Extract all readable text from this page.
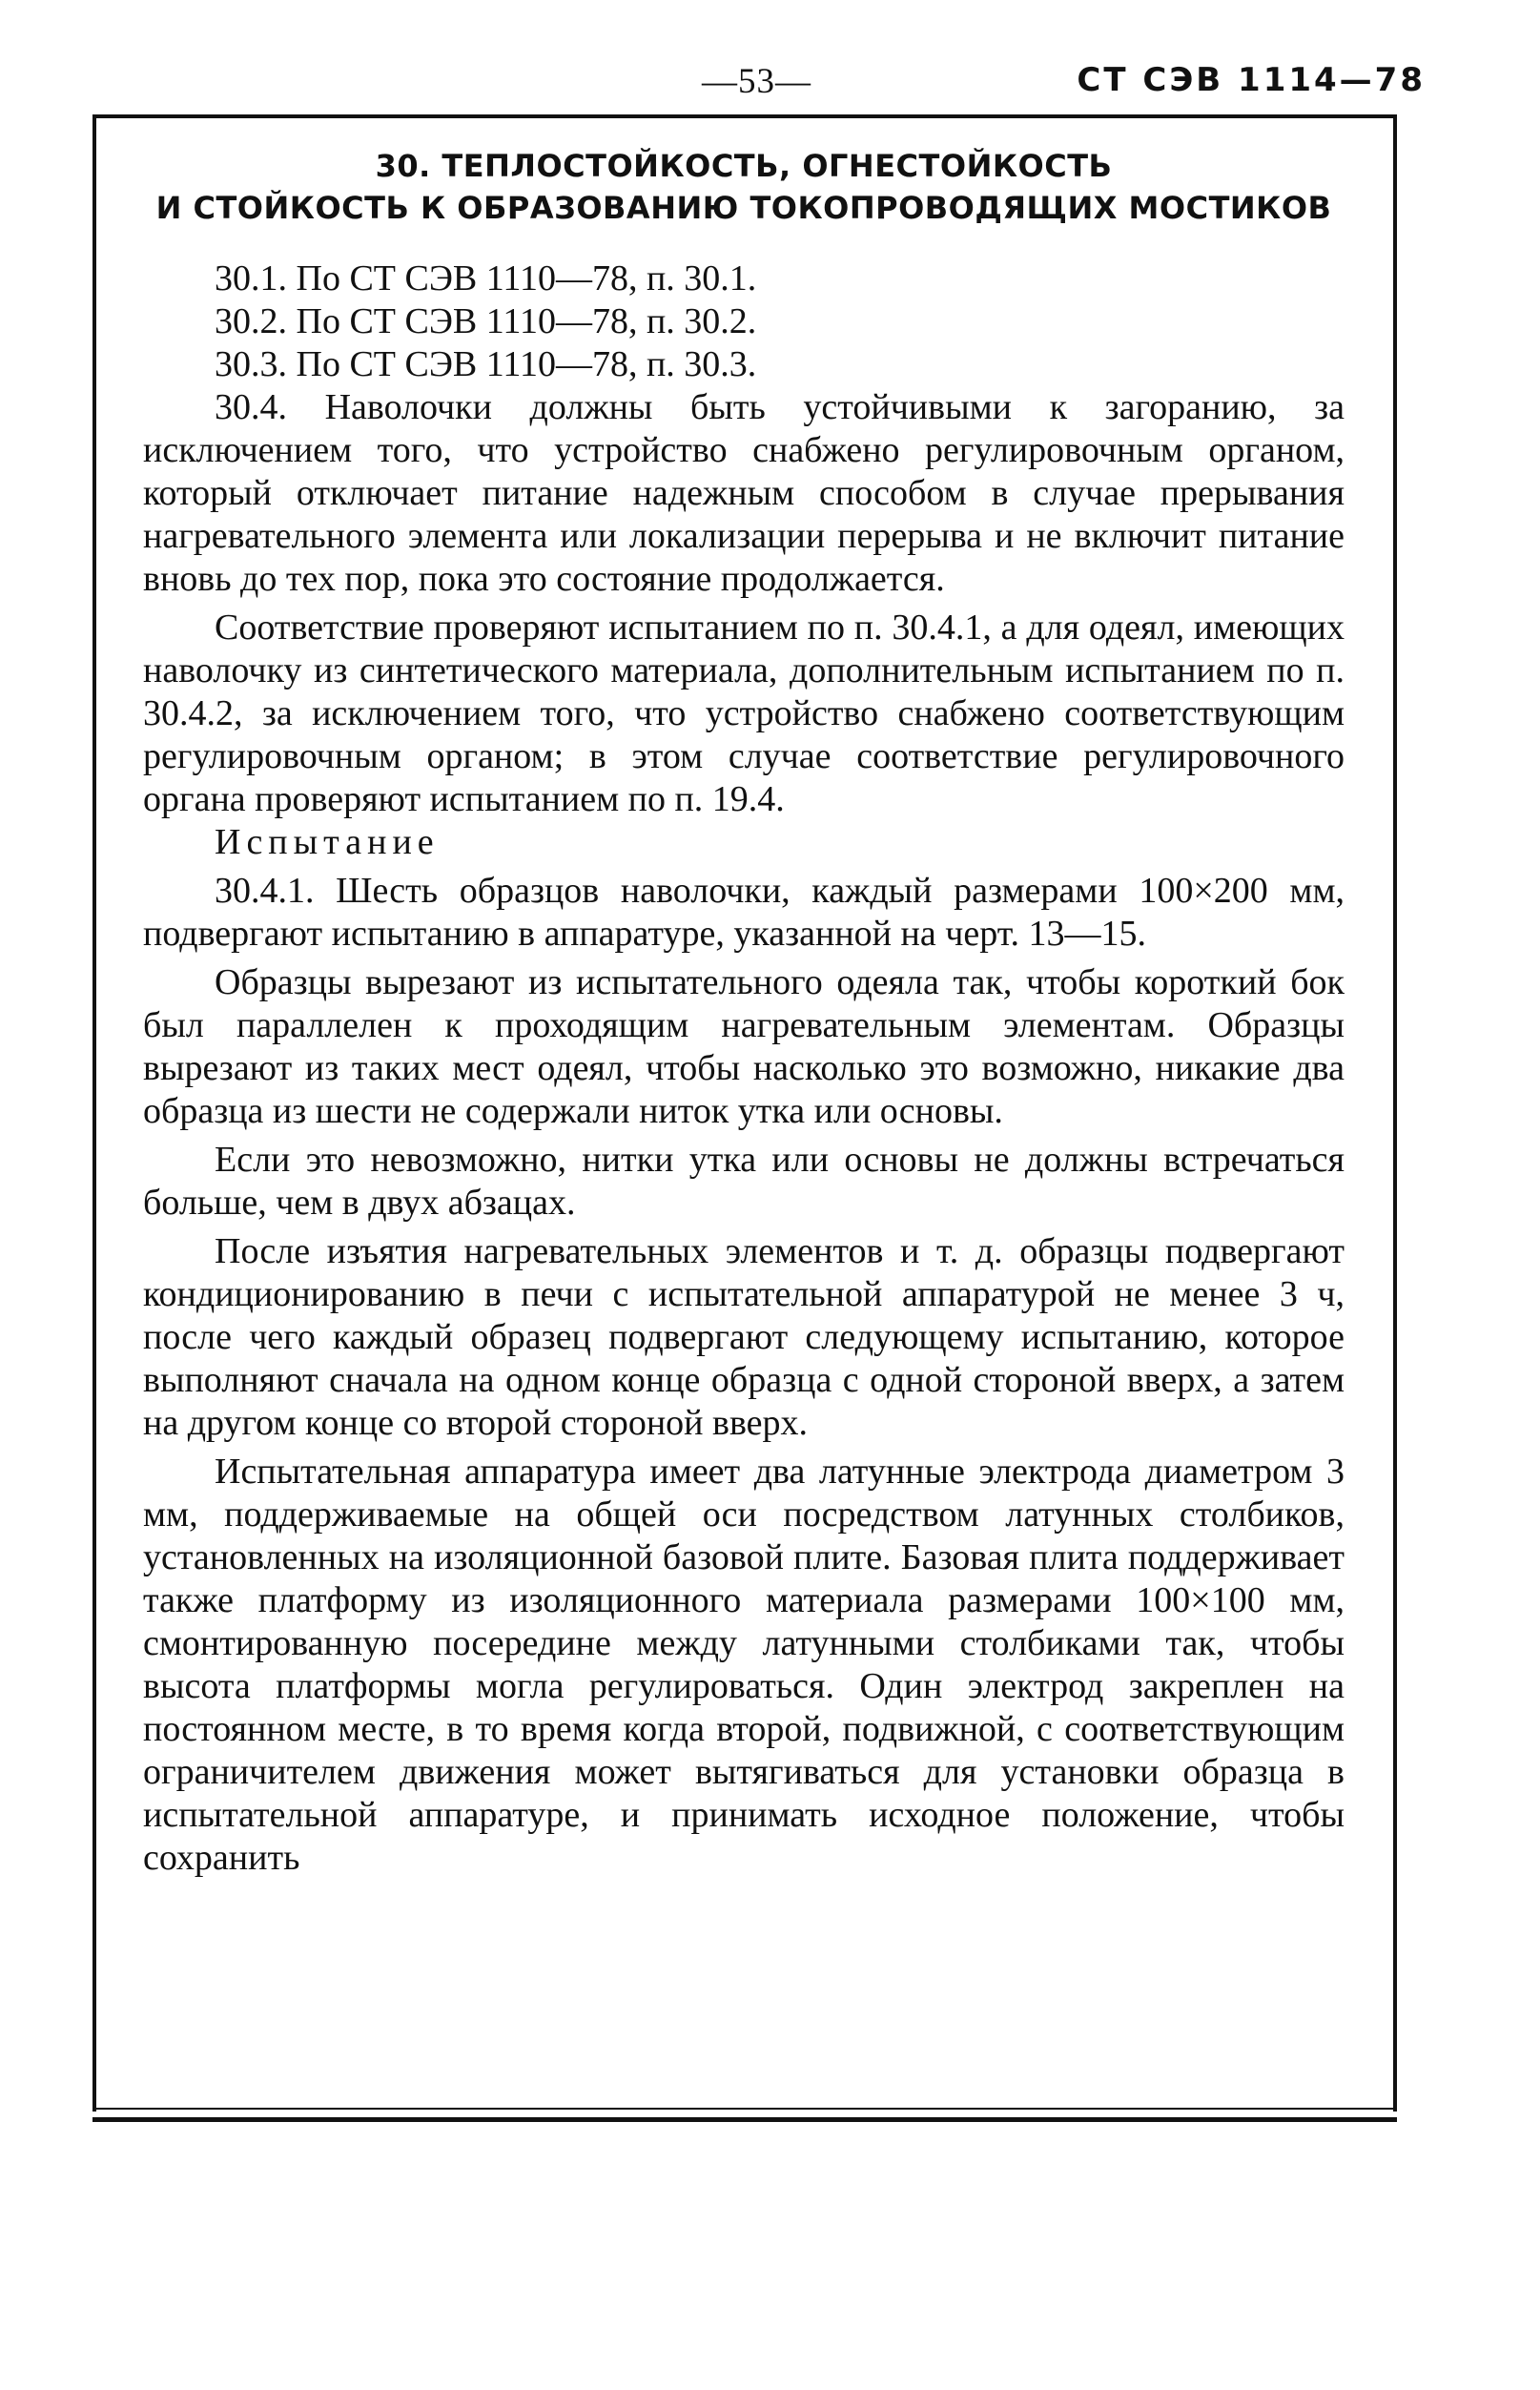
—53—	СТ СЭВ 1114—78
30. ТЕПЛОСТОЙКОСТЬ, ОГНЕСТОЙКОСТЬ
И СТОЙКОСТЬ К ОБРАЗОВАНИЮ ТОКОПРОВОДЯЩИХ МОСТИКОВ

30.1. По СТ СЭВ 1110—78, п. 30.1.

30.2. По СТ СЭВ 1110—78, п. 30.2.

30.3. По СТ СЭВ 1110—78, п. 30.3.

30.4. Наволочки должны быть устойчивыми к загоранию, за исключением того, что устройство снабжено регулировочным органом, который отключает питание надежным способом в случае прерывания нагревательного элемента или локализации перерыва и не включит питание вновь до тех пор, пока это состояние продолжается.

Соответствие проверяют испытанием по п. 30.4.1, а для одеял, имеющих наволочку из синтетического материала, дополнительным испытанием по п. 30.4.2, за исключением того, что устройство снабжено соответствующим регулировочным органом; в этом случае соответствие регулировочного органа проверяют испытанием по п. 19.4.

Испытание

30.4.1. Шесть образцов наволочки, каждый размерами 100×200 мм, подвергают испытанию в аппаратуре, указанной на черт. 13—15.

Образцы вырезают из испытательного одеяла так, чтобы короткий бок был параллелен к проходящим нагревательным элементам. Образцы вырезают из таких мест одеял, чтобы насколько это возможно, никакие два образца из шести не содержали ниток утка или основы.

Если это невозможно, нитки утка или основы не должны встречаться больше, чем в двух абзацах.

После изъятия нагревательных элементов и т. д. образцы подвергают кондиционированию в печи с испытательной аппаратурой не менее 3 ч, после чего каждый образец подвергают следующему испытанию, которое выполняют сначала на одном конце образца с одной стороной вверх, а затем на другом конце со второй стороной вверх.

Испытательная аппаратура имеет два латунные электрода диаметром 3 мм, поддерживаемые на общей оси посредством латунных столбиков, установленных на изоляционной базовой плите. Базовая плита поддерживает также платформу из изоляционного материала размерами 100×100 мм, смонтированную посередине между латунными столбиками так, чтобы высота платформы могла регулироваться. Один электрод закреплен на постоянном месте, в то время когда второй, подвижной, с соответствующим ограничителем движения может вытягиваться для установки образца в испытательной аппаратуре, и принимать исходное положение, чтобы сохранить
